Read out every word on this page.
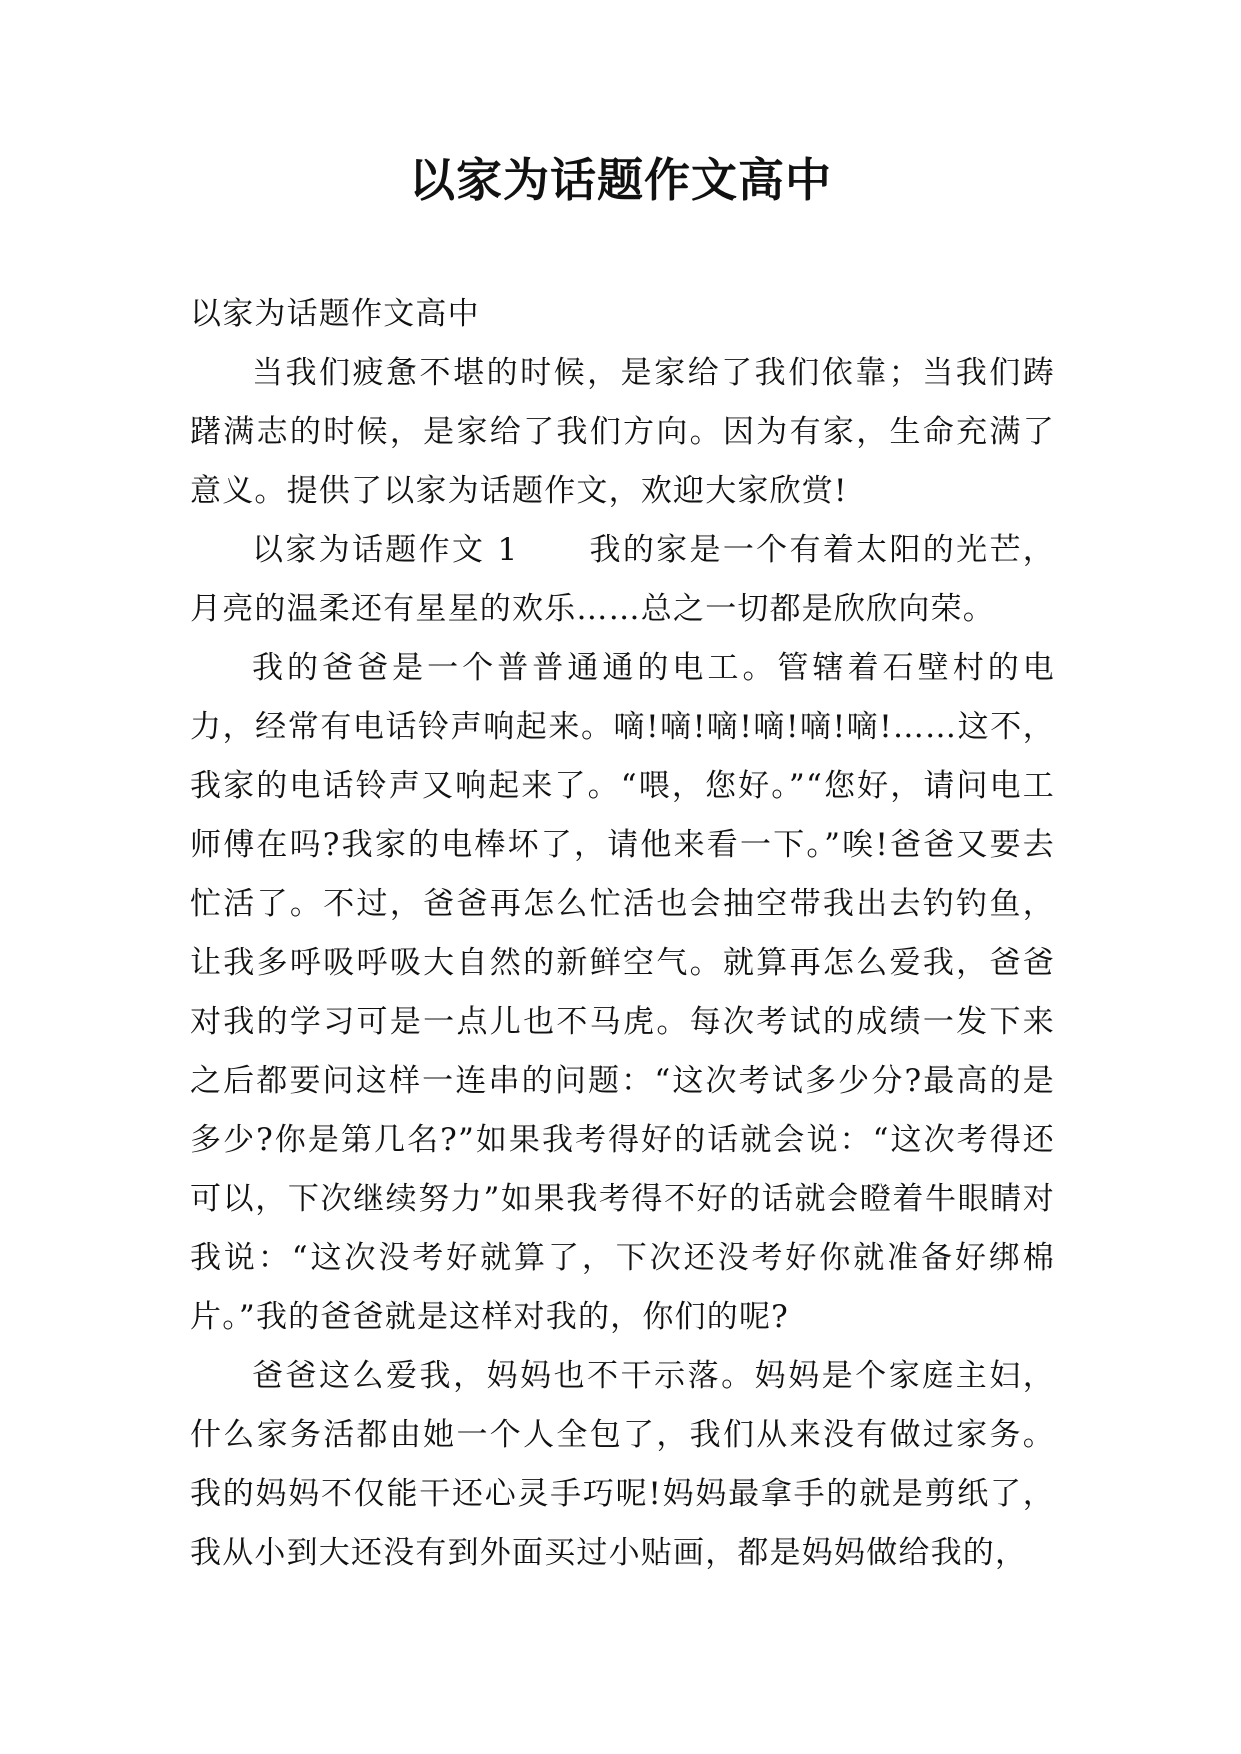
以家为话题作文高中

以家为话题作文高中

当我们疲惫不堪的时候，是家给了我们依靠；当我们踌躇满志的时候，是家给了我们方向。因为有家，生命充满了意义。提供了以家为话题作文，欢迎大家欣赏!

以家为话题作文 1 我的家是一个有着太阳的光芒，月亮的温柔还有星星的欢乐……总之一切都是欣欣向荣。

我的爸爸是一个普普通通的电工。管辖着石壁村的电力，经常有电话铃声响起来。嘀!嘀!嘀!嘀!嘀!嘀!……这不，我家的电话铃声又响起来了。“喂，您好。”“您好，请问电工师傅在吗?我家的电棒坏了，请他来看一下。”唉!爸爸又要去忙活了。不过，爸爸再怎么忙活也会抽空带我出去钓钓鱼，让我多呼吸呼吸大自然的新鲜空气。就算再怎么爱我，爸爸对我的学习可是一点儿也不马虎。每次考试的成绩一发下来之后都要问这样一连串的问题：“这次考试多少分?最高的是多少?你是第几名?”如果我考得好的话就会说：“这次考得还可以，下次继续努力”如果我考得不好的话就会瞪着牛眼睛对我说：“这次没考好就算了，下次还没考好你就准备好绑棉片。”我的爸爸就是这样对我的，你们的呢?

爸爸这么爱我，妈妈也不干示落。妈妈是个家庭主妇，什么家务活都由她一个人全包了，我们从来没有做过家务。我的妈妈不仅能干还心灵手巧呢!妈妈最拿手的就是剪纸了，我从小到大还没有到外面买过小贴画，都是妈妈做给我的，
